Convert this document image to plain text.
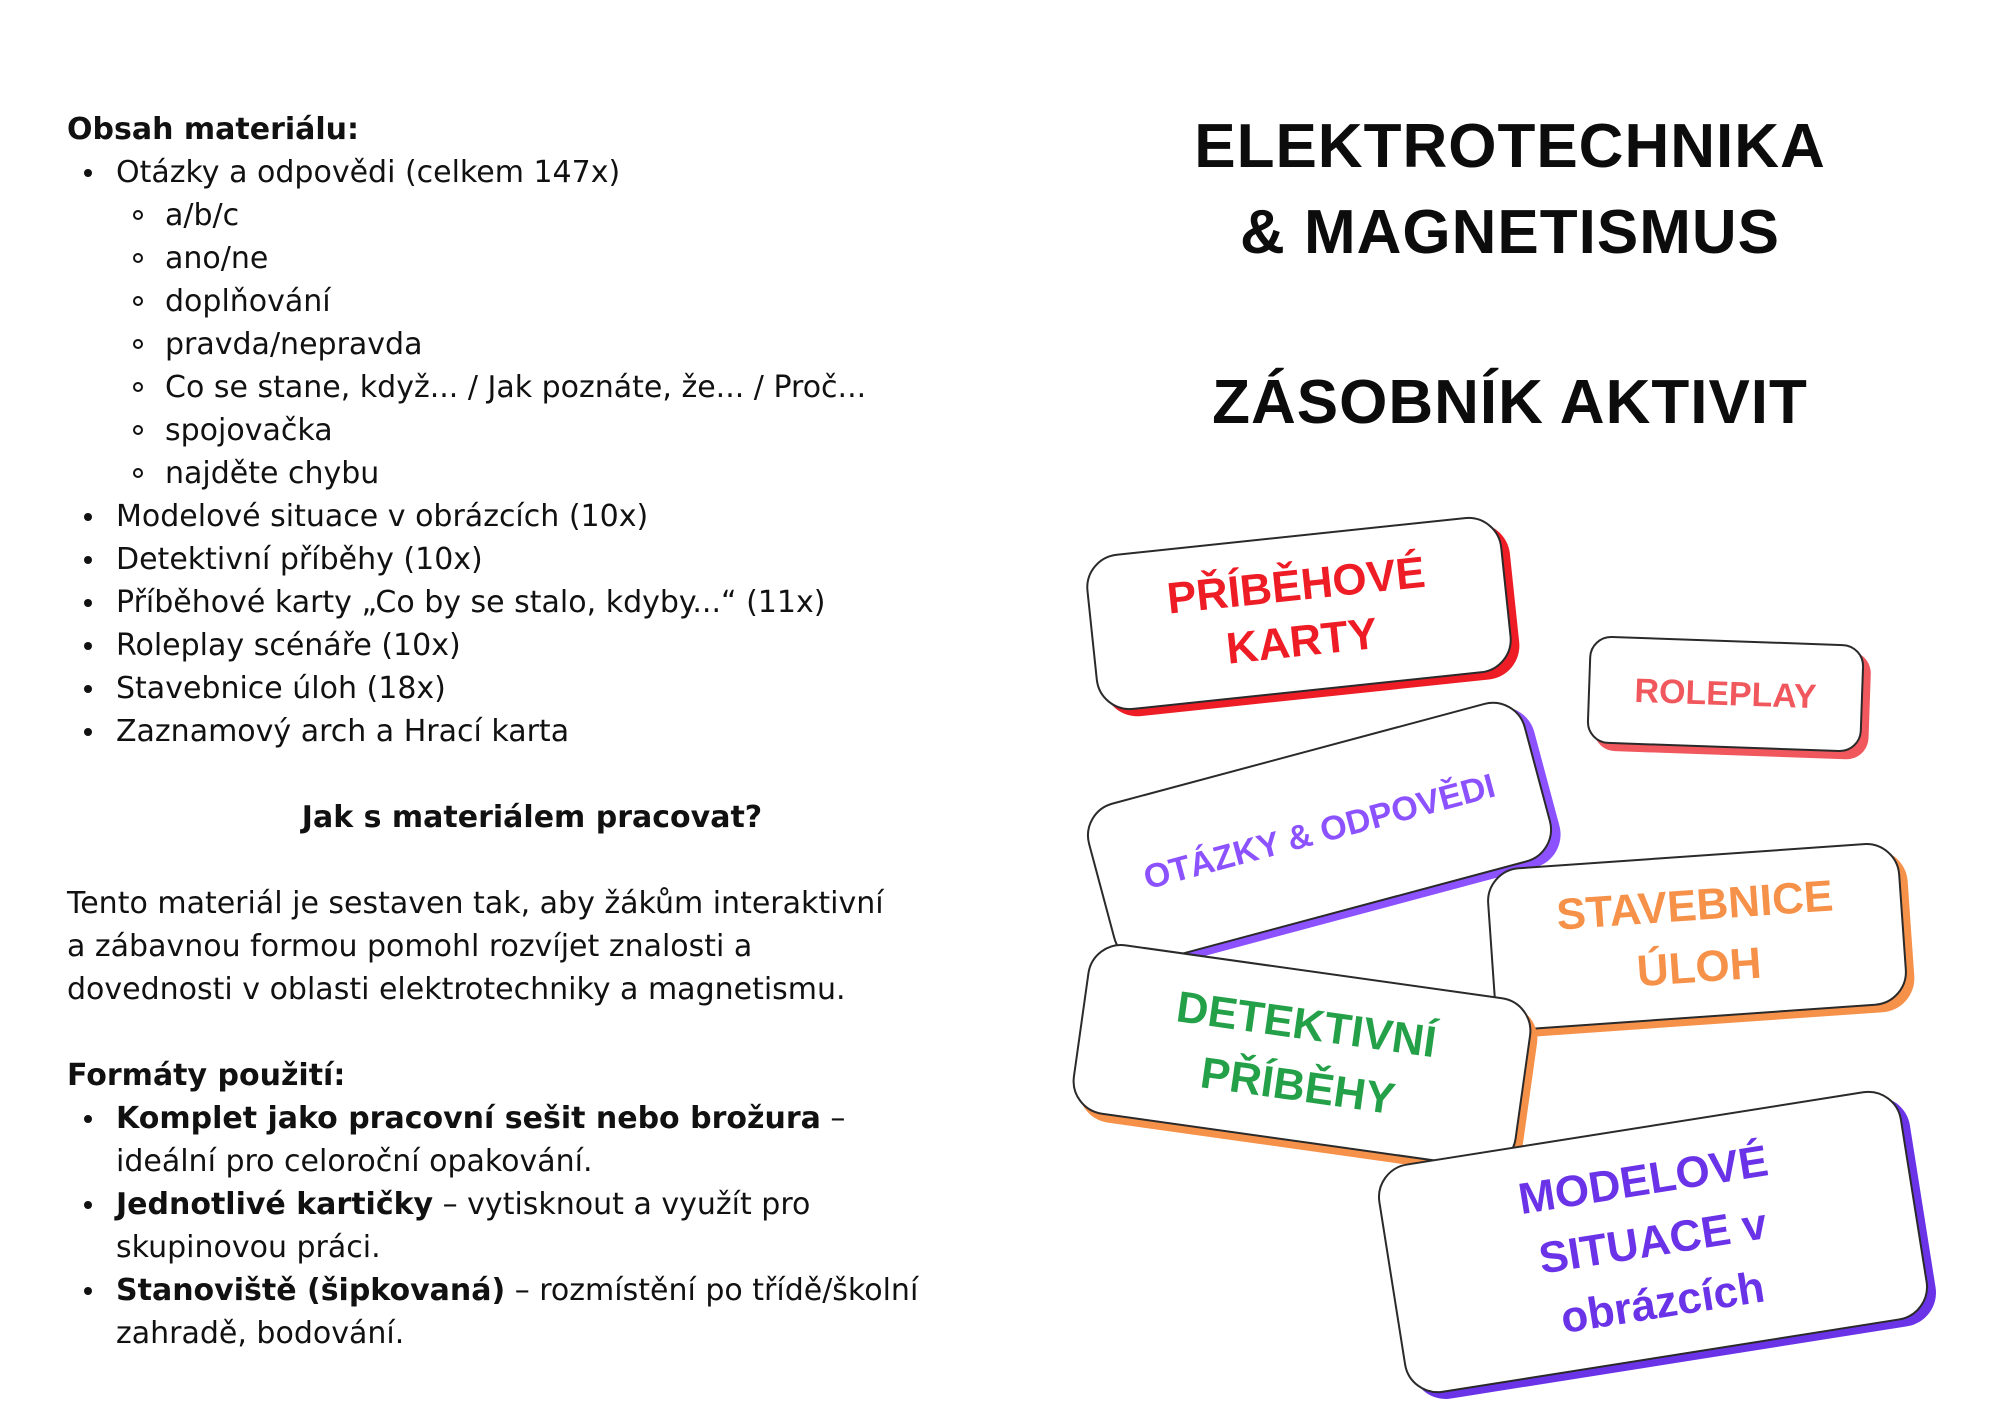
Obsah materiálu:
Otázky a odpovědi (celkem 147x)
a/b/c
ano/ne
doplňování
pravda/nepravda
Co se stane, když... / Jak poznáte, že... / Proč...
spojovačka
najděte chybu
Modelové situace v obrázcích (10x)
Detektivní příběhy (10x)
Příběhové karty „Co by se stalo, kdyby...“ (11x)
Roleplay scénáře (10x)
Stavebnice úloh (18x)
Zaznamový arch a Hrací karta
Jak s materiálem pracovat?
Tento materiál je sestaven tak, aby žákům interaktivní a zábavnou formou pomohl rozvíjet znalosti a dovednosti v oblasti elektrotechniky a magnetismu.
Formáty použití:
Komplet jako pracovní sešit nebo brožura – ideální pro celoroční opakování.
Jednotlivé kartičky – vytisknout a využít pro skupinovou práci.
Stanoviště (šipkovaná) – rozmístění po třídě/školní zahradě, bodování.
ELEKTROTECHNIKA
& MAGNETISMUS
ZÁSOBNÍK AKTIVIT
OTÁZKY & ODPOVĚDI
PŘÍBĚHOVÉ
KARTY
ROLEPLAY
STAVEBNICE
ÚLOH
DETEKTIVNÍ
PŘÍBĚHY
MODELOVÉ
SITUACE v
obrázcích
